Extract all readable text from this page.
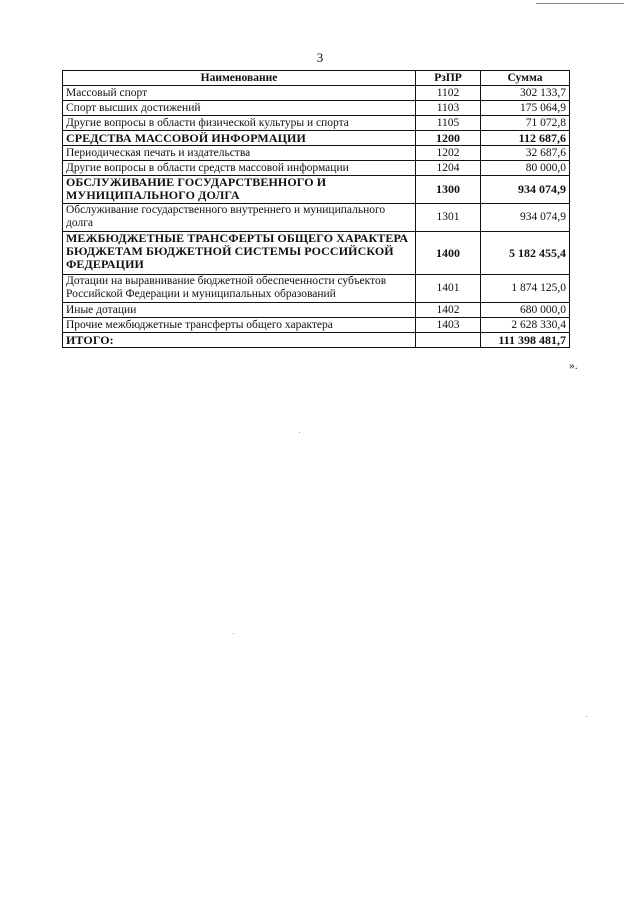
3
Наименование	РзПР	Сумма
Массовый спорт	1102	302 133,7
Спорт высших достижений	1103	175 064,9
Другие вопросы в области физической культуры и спорта	1105	71 072,8
СРЕДСТВА МАССОВОЙ ИНФОРМАЦИИ	1200	112 687,6
Периодическая печать и издательства	1202	32 687,6
Другие вопросы в области средств массовой информации	1204	80 000,0
ОБСЛУЖИВАНИЕ ГОСУДАРСТВЕННОГО И МУНИЦИПАЛЬНОГО ДОЛГА	1300	934 074,9
Обслуживание государственного внутреннего и муниципального долга	1301	934 074,9
МЕЖБЮДЖЕТНЫЕ ТРАНСФЕРТЫ ОБЩЕГО ХАРАКТЕРА БЮДЖЕТАМ БЮДЖЕТНОЙ СИСТЕМЫ РОССИЙСКОЙ ФЕДЕРАЦИИ	1400	5 182 455,4
Дотации на выравнивание бюджетной обеспеченности субъектов Российской Федерации и муниципальных образований	1401	1 874 125,0
Иные дотации	1402	680 000,0
Прочие межбюджетные трансферты общего характера	1403	2 628 330,4
ИТОГО:		111 398 481,7
».
